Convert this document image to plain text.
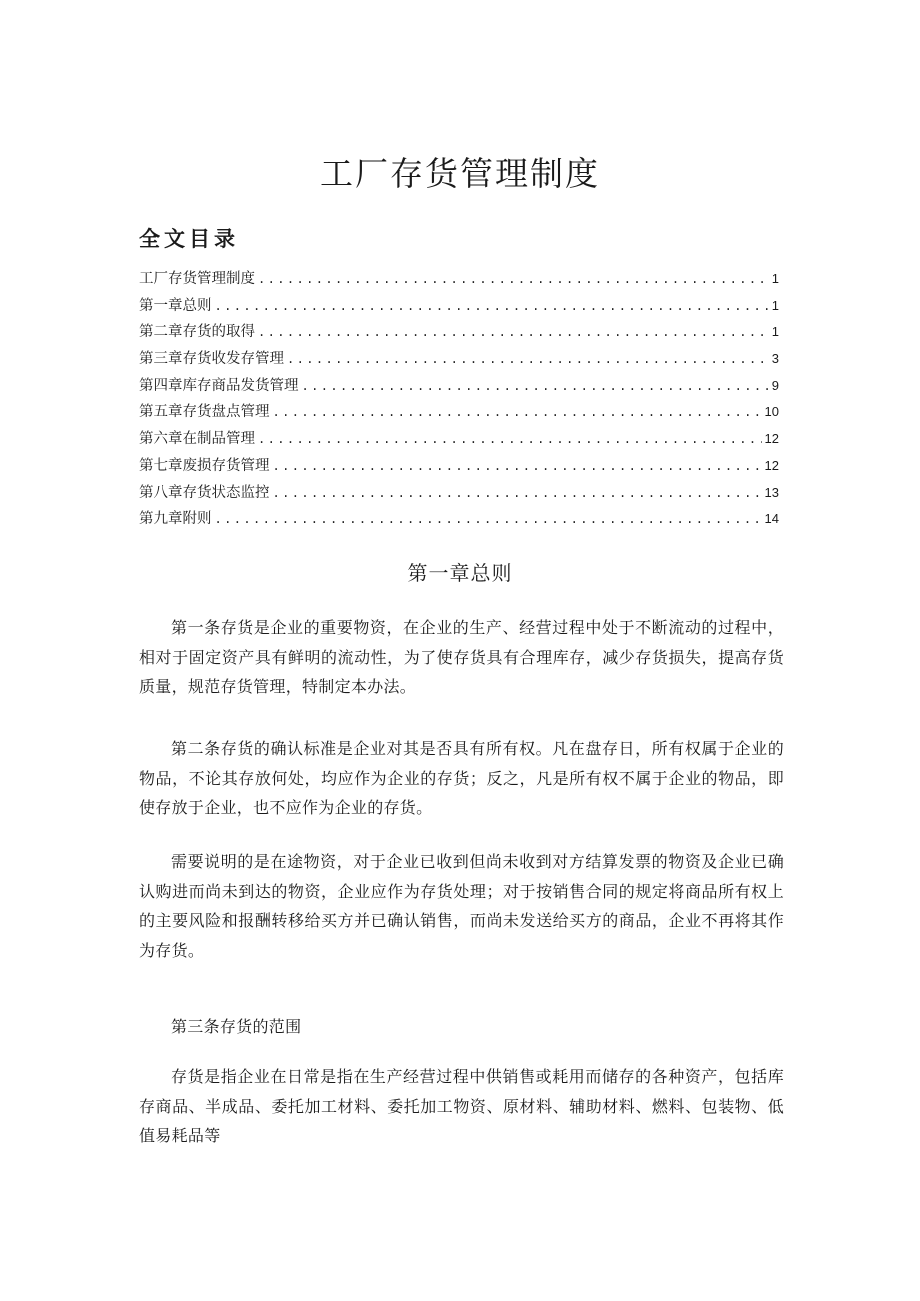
工厂存货管理制度
全文目录
工厂存货管理制度 .....	1
第一章总则 .....	1
第二章存货的取得 .....	1
第三章存货收发存管理 .....	3
第四章库存商品发货管理 .....	9
第五章存货盘点管理 .....	10
第六章在制品管理 .....	12
第七章废损存货管理 .....	12
第八章存货状态监控 .....	13
第九章附则 .....	14
第一章总则

第一条存货是企业的重要物资，在企业的生产、经营过程中处于不断流动的过程中，相对于固定资产具有鲜明的流动性，为了使存货具有合理库存，减少存货损失，提高存货质量，规范存货管理，特制定本办法。

第二条存货的确认标准是企业对其是否具有所有权。凡在盘存日，所有权属于企业的物品，不论其存放何处，均应作为企业的存货；反之，凡是所有权不属于企业的物品，即使存放于企业，也不应作为企业的存货。

需要说明的是在途物资，对于企业已收到但尚未收到对方结算发票的物资及企业已确认购进而尚未到达的物资，企业应作为存货处理；对于按销售合同的规定将商品所有权上的主要风险和报酬转移给买方并已确认销售，而尚未发送给买方的商品，企业不再将其作为存货。

第三条存货的范围

存货是指企业在日常是指在生产经营过程中供销售或耗用而储存的各种资产，包括库存商品、半成品、委托加工材料、委托加工物资、原材料、辅助材料、燃料、包装物、低值易耗品等
